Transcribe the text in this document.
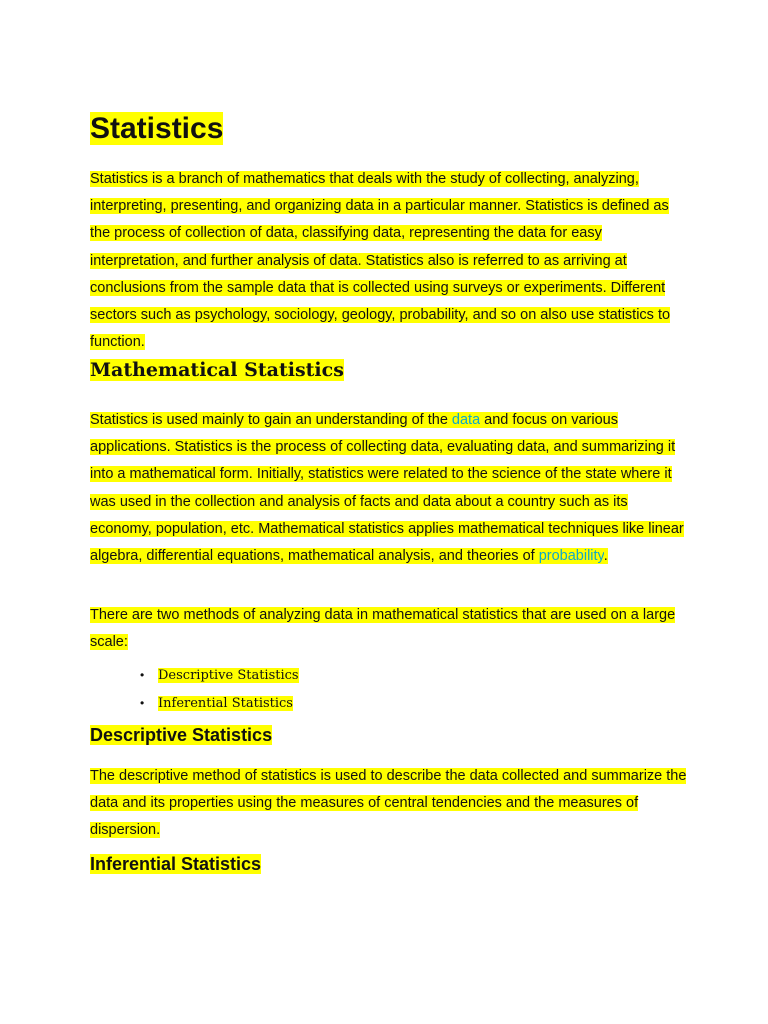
Statistics

Statistics is a branch of mathematics that deals with the study of collecting, analyzing, interpreting, presenting, and organizing data in a particular manner. Statistics is defined as the process of collection of data, classifying data, representing the data for easy interpretation, and further analysis of data. Statistics also is referred to as arriving at conclusions from the sample data that is collected using surveys or experiments. Different sectors such as psychology, sociology, geology, probability, and so on also use statistics to function.

Mathematical Statistics

Statistics is used mainly to gain an understanding of the data and focus on various applications. Statistics is the process of collecting data, evaluating data, and summarizing it into a mathematical form. Initially, statistics were related to the science of the state where it was used in the collection and analysis of facts and data about a country such as its economy, population, etc. Mathematical statistics applies mathematical techniques like linear algebra, differential equations, mathematical analysis, and theories of probability.

There are two methods of analyzing data in mathematical statistics that are used on a large scale:

• Descriptive Statistics
• Inferential Statistics
Descriptive Statistics

The descriptive method of statistics is used to describe the data collected and summarize the data and its properties using the measures of central tendencies and the measures of dispersion.

Inferential Statistics
